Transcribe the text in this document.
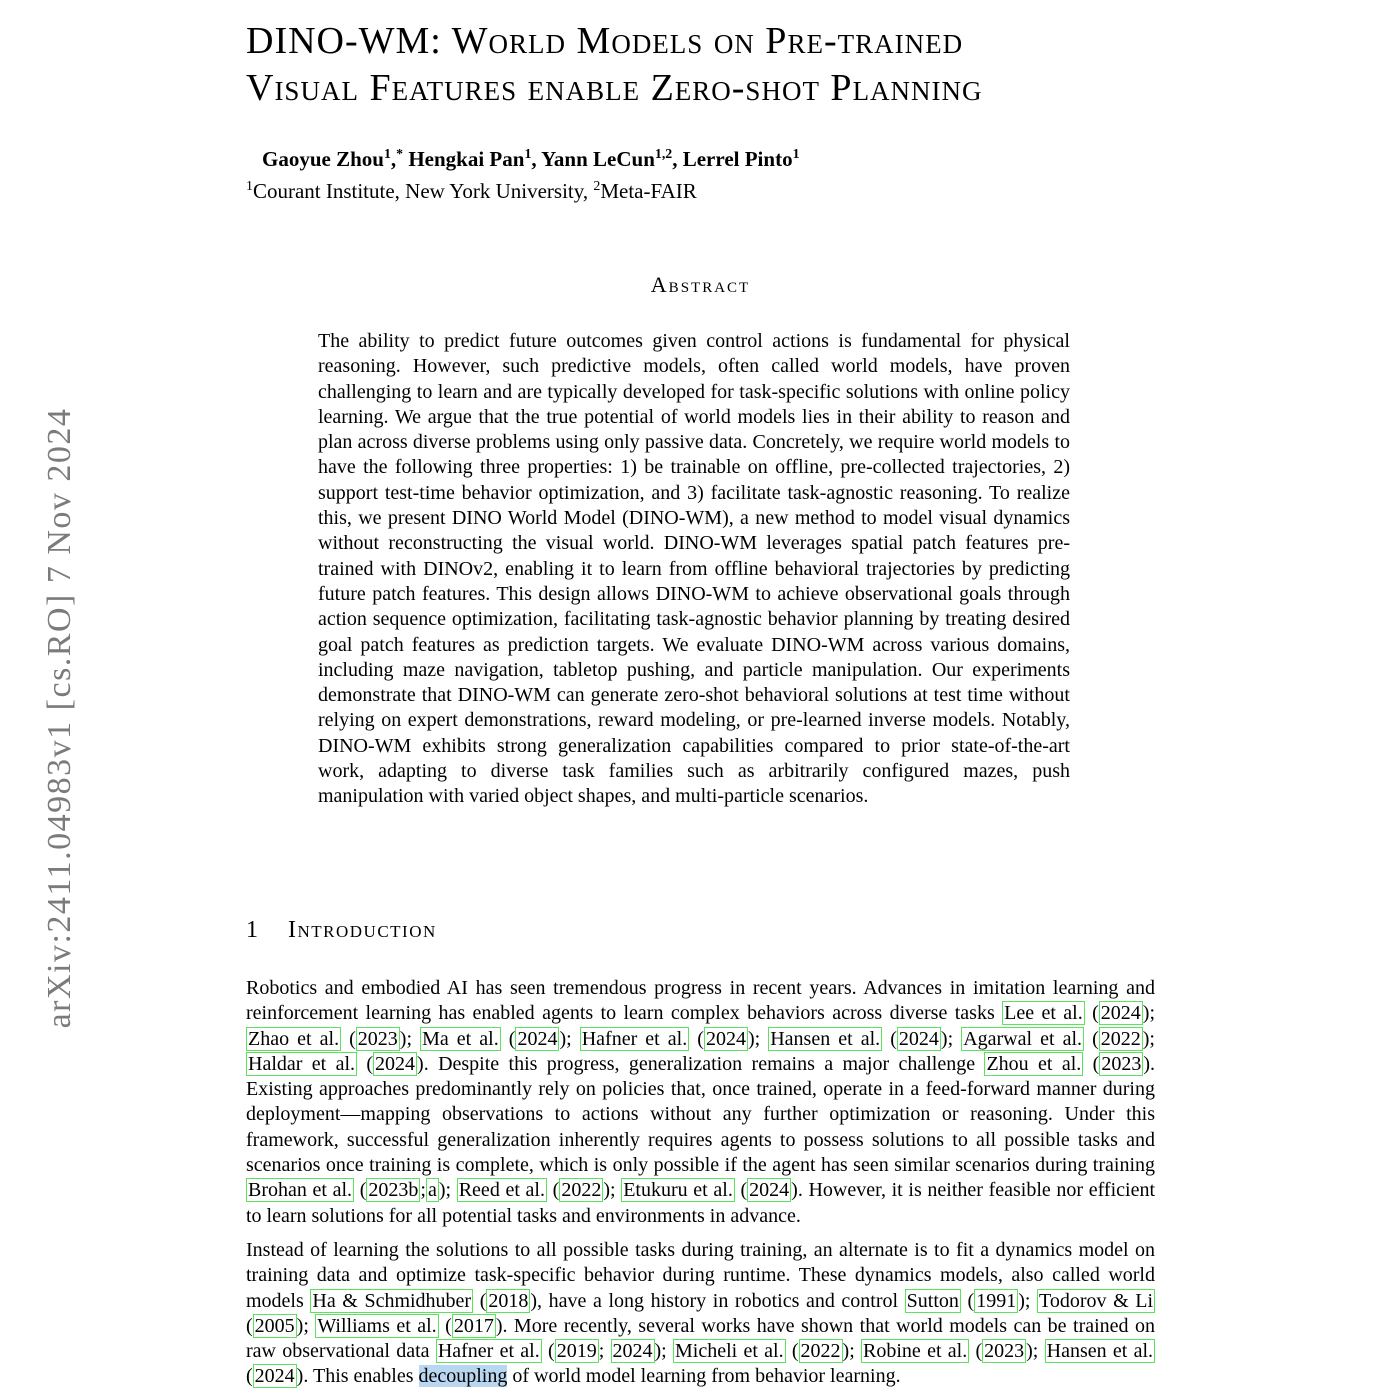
arXiv:2411.04983v1 [cs.RO] 7 Nov 2024
DINO-WM: World Models on Pre-trained
Visual Features enable Zero-shot Planning
Gaoyue Zhou$^1$,* Hengkai Pan$^1$, Yann LeCun$^{1,2}$, Lerrel Pinto$^1$
$^1$Courant Institute, New York University, $^2$Meta-FAIR
Abstract
The ability to predict future outcomes given control actions is fundamental for physical reasoning. However, such predictive models, often called world models, have proven challenging to learn and are typically developed for task-specific solutions with online policy learning. We argue that the true potential of world models lies in their ability to reason and plan across diverse problems using only passive data. Concretely, we require world models to have the following three properties: 1) be trainable on offline, pre-collected trajectories, 2) support test-time behavior optimization, and 3) facilitate task-agnostic reasoning. To realize this, we present DINO World Model (DINO-WM), a new method to model visual dynamics without reconstructing the visual world. DINO-WM leverages spatial patch features pre-trained with DINOv2, enabling it to learn from offline behavioral trajectories by predicting future patch features. This design allows DINO-WM to achieve observational goals through action sequence optimization, facilitating task-agnostic behavior planning by treating desired goal patch features as prediction targets. We evaluate DINO-WM across various domains, including maze navigation, tabletop pushing, and particle manipulation. Our experiments demonstrate that DINO-WM can generate zero-shot behavioral solutions at test time without relying on expert demonstrations, reward modeling, or pre-learned inverse models. Notably, DINO-WM exhibits strong generalization capabilities compared to prior state-of-the-art work, adapting to diverse task families such as arbitrarily configured mazes, push manipulation with varied object shapes, and multi-particle scenarios.
1 Introduction

Robotics and embodied AI has seen tremendous progress in recent years. Advances in imitation learning and reinforcement learning has enabled agents to learn complex behaviors across diverse tasks Lee et al. ( 2024 ); Zhao et al. ( 2023 ); Ma et al. ( 2024 ); Hafner et al. ( 2024 ); Hansen et al. ( 2024 ); Agarwal et al. ( 2022 ); Haldar et al. ( 2024 ). Despite this progress, generalization remains a major challenge Zhou et al. ( 2023 ). Existing approaches predominantly rely on policies that, once trained, operate in a feed-forward manner during deployment—mapping observations to actions without any further optimization or reasoning. Under this framework, successful generalization inherently requires agents to possess solutions to all possible tasks and scenarios once training is complete, which is only possible if the agent has seen similar scenarios during training Brohan et al. ( 2023b ; a ); Reed et al. ( 2022 ); Etukuru et al. ( 2024 ). However, it is neither feasible nor efficient to learn solutions for all potential tasks and environments in advance.

Instead of learning the solutions to all possible tasks during training, an alternate is to fit a dynamics model on training data and optimize task-specific behavior during runtime. These dynamics models, also called world models Ha & Schmidhuber ( 2018 ), have a long history in robotics and control Sutton ( 1991 ); Todorov & Li ( 2005 ); Williams et al. ( 2017 ). More recently, several works have shown that world models can be trained on raw observational data Hafner et al. ( 2019 ; 2024 ); Micheli et al. ( 2022 ); Robine et al. ( 2023 ); Hansen et al. ( 2024 ). This enables decoupling of world model learning from behavior learning.
